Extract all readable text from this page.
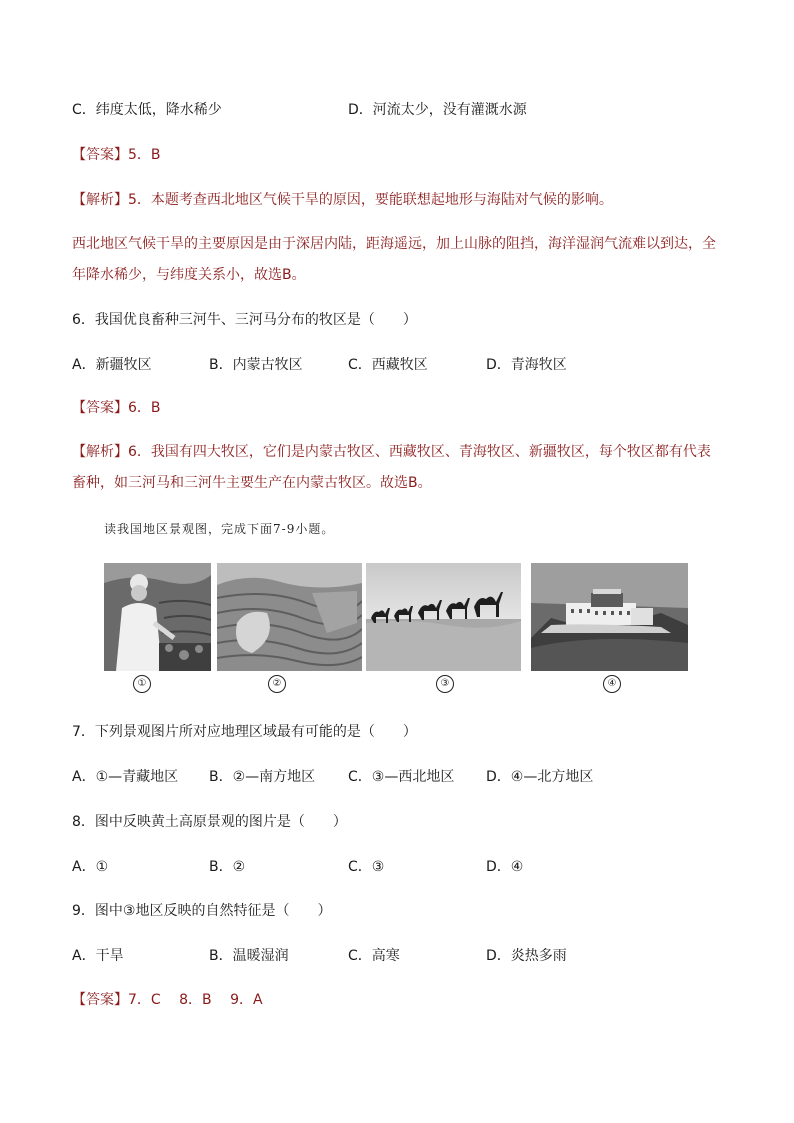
C．纬度太低，降水稀少	D．河流太少，没有灌溉水源
【答案】5．B
【解析】5．本题考查西北地区气候干旱的原因，要能联想起地形与海陆对气候的影响。
西北地区气候干旱的主要原因是由于深居内陆，距海遥远，加上山脉的阻挡，海洋湿润气流难以到达，全年降水稀少，与纬度关系小，故选B。
6．我国优良畜种三河牛、三河马分布的牧区是（　　）
A．新疆牧区	B．内蒙古牧区	C．西藏牧区	D．青海牧区
【答案】6．B
【解析】6．我国有四大牧区，它们是内蒙古牧区、西藏牧区、青海牧区、新疆牧区，每个牧区都有代表畜种，如三河马和三河牛主要生产在内蒙古牧区。故选B。
读我国地区景观图，完成下面7-9小题。
①	②	③	④
7．下列景观图片所对应地理区域最有可能的是（　　）
A．①—青藏地区 B．②—南方地区 C．③—西北地区 D．④—北方地区
8．图中反映黄土高原景观的图片是（　　）
A．①	B．②	C．③	D．④
9．图中③地区反映的自然特征是（　　）
A．干旱	B．温暖湿润	C．高寒	D．炎热多雨
【答案】7．C　 8．B　 9．A
